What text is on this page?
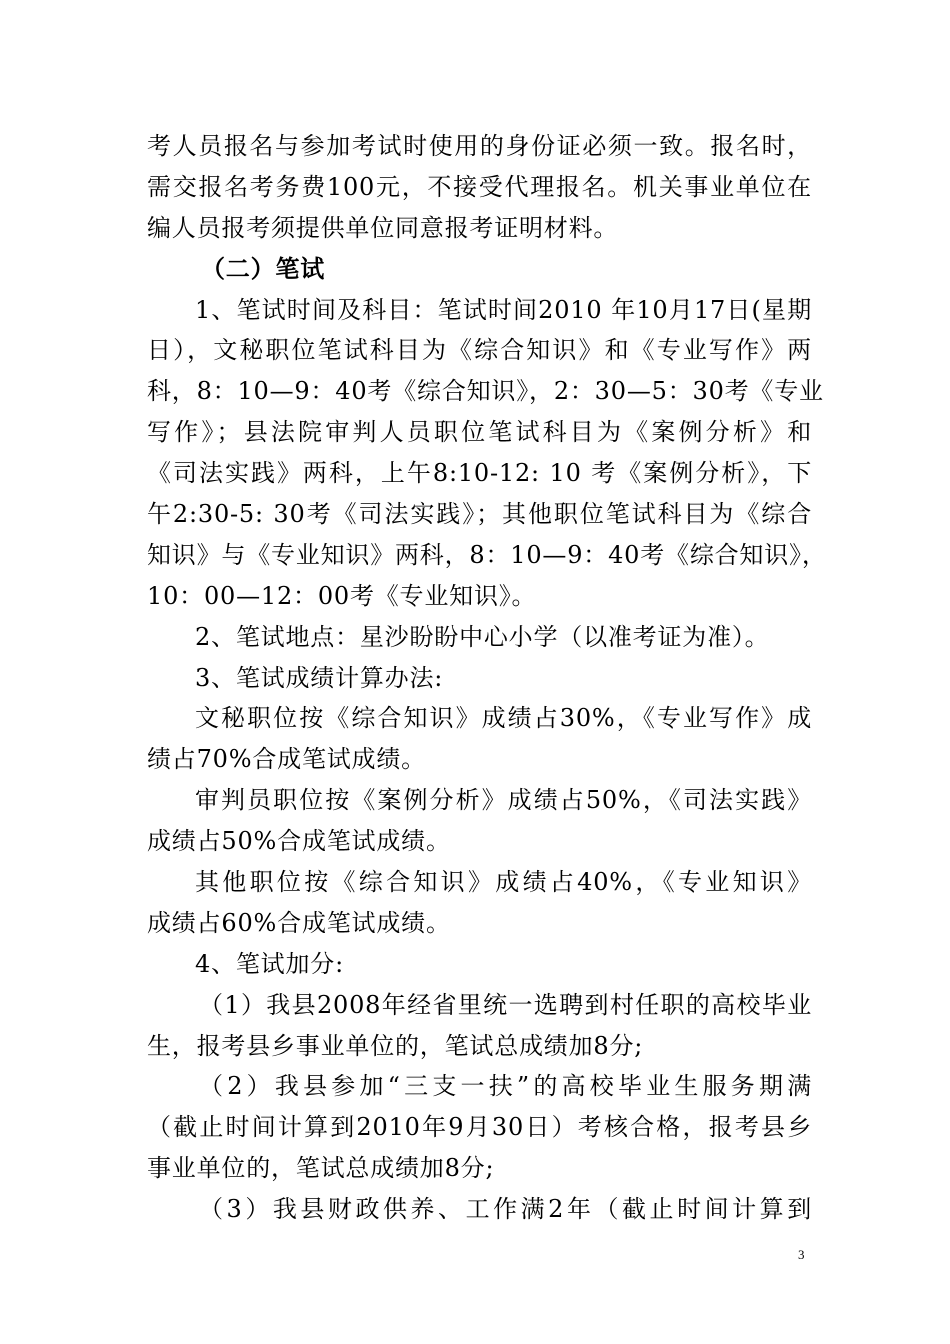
考人员报名与参加考试时使用的身份证必须一致。报名时，
需交报名考务费100元，不接受代理报名。机关事业单位在
编人员报考须提供单位同意报考证明材料。
（二）笔试
1、笔试时间及科目：笔试时间2010 年10月17日(星期
日），文秘职位笔试科目为《综合知识》和《专业写作》两
科，8：10—9：40考《综合知识》，2：30—5：30考《专业
写作》；县法院审判人员职位笔试科目为《案例分析》和
《司法实践》两科，上午8:10-12: 10 考《案例分析》，下
午2:30-5: 30考《司法实践》；其他职位笔试科目为《综合
知识》与《专业知识》两科，8：10—9：40考《综合知识》，
10：00—12：00考《专业知识》。
2、笔试地点：星沙盼盼中心小学（以准考证为准）。
3、笔试成绩计算办法:
文秘职位按《综合知识》成绩占30%，《专业写作》成
绩占70%合成笔试成绩。
审判员职位按《案例分析》成绩占50%，《司法实践》
成绩占50%合成笔试成绩。
其他职位按《综合知识》成绩占40%，《专业知识》
成绩占60%合成笔试成绩。
4、笔试加分:
（1）我县2008年经省里统一选聘到村任职的高校毕业
生，报考县乡事业单位的，笔试总成绩加8分;
（2）我县参加“三支一扶”的高校毕业生服务期满
（截止时间计算到2010年9月30日）考核合格，报考县乡
事业单位的，笔试总成绩加8分;
（3）我县财政供养、工作满2年（截止时间计算到
3
